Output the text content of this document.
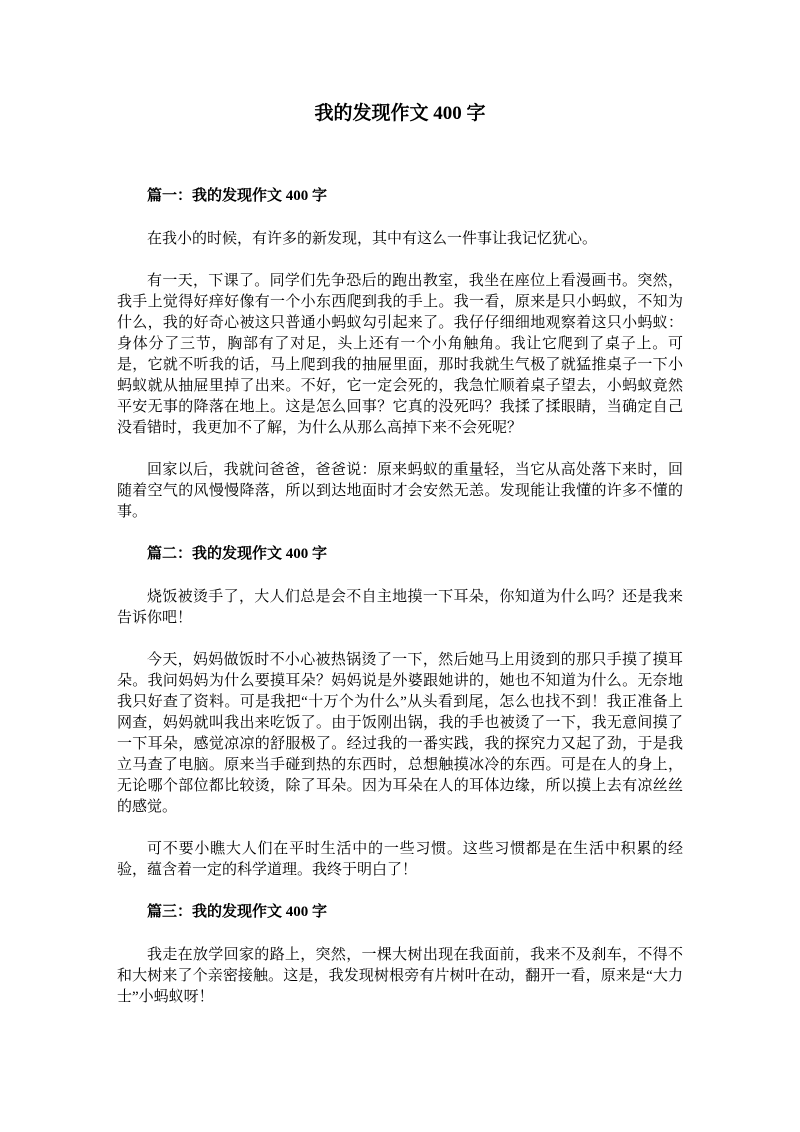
我的发现作文 400 字
篇一：我的发现作文 400 字

在我小的时候，有许多的新发现，其中有这么一件事让我记忆犹心。

有一天，下课了。同学们先争恐后的跑出教室，我坐在座位上看漫画书。突然，我手上觉得好痒好像有一个小东西爬到我的手上。我一看，原来是只小蚂蚁，不知为什么，我的好奇心被这只普通小蚂蚁勾引起来了。我仔仔细细地观察着这只小蚂蚁：身体分了三节，胸部有了对足，头上还有一个小角触角。我让它爬到了桌子上。可是，它就不听我的话，马上爬到我的抽屉里面，那时我就生气极了就猛推桌子一下小蚂蚁就从抽屉里掉了出来。不好，它一定会死的，我急忙顺着桌子望去，小蚂蚁竟然平安无事的降落在地上。这是怎么回事？它真的没死吗？我揉了揉眼睛，当确定自己没看错时，我更加不了解，为什么从那么高掉下来不会死呢？

回家以后，我就问爸爸，爸爸说：原来蚂蚁的重量轻，当它从高处落下来时，回随着空气的风慢慢降落，所以到达地面时才会安然无恙。发现能让我懂的许多不懂的事。

篇二：我的发现作文 400 字

烧饭被烫手了，大人们总是会不自主地摸一下耳朵，你知道为什么吗？还是我来告诉你吧！

今天，妈妈做饭时不小心被热锅烫了一下，然后她马上用烫到的那只手摸了摸耳朵。我问妈妈为什么要摸耳朵？妈妈说是外婆跟她讲的，她也不知道为什么。无奈地我只好查了资料。可是我把“十万个为什么”从头看到尾，怎么也找不到！我正准备上网查，妈妈就叫我出来吃饭了。由于饭刚出锅，我的手也被烫了一下，我无意间摸了一下耳朵，感觉凉凉的舒服极了。经过我的一番实践，我的探究力又起了劲，于是我立马查了电脑。原来当手碰到热的东西时，总想触摸冰冷的东西。可是在人的身上，无论哪个部位都比较烫，除了耳朵。因为耳朵在人的耳体边缘，所以摸上去有凉丝丝的感觉。

可不要小瞧大人们在平时生活中的一些习惯。这些习惯都是在生活中积累的经验，蕴含着一定的科学道理。我终于明白了！

篇三：我的发现作文 400 字

我走在放学回家的路上，突然，一棵大树出现在我面前，我来不及刹车，不得不和大树来了个亲密接触。这是，我发现树根旁有片树叶在动，翻开一看，原来是“大力士”小蚂蚁呀！
